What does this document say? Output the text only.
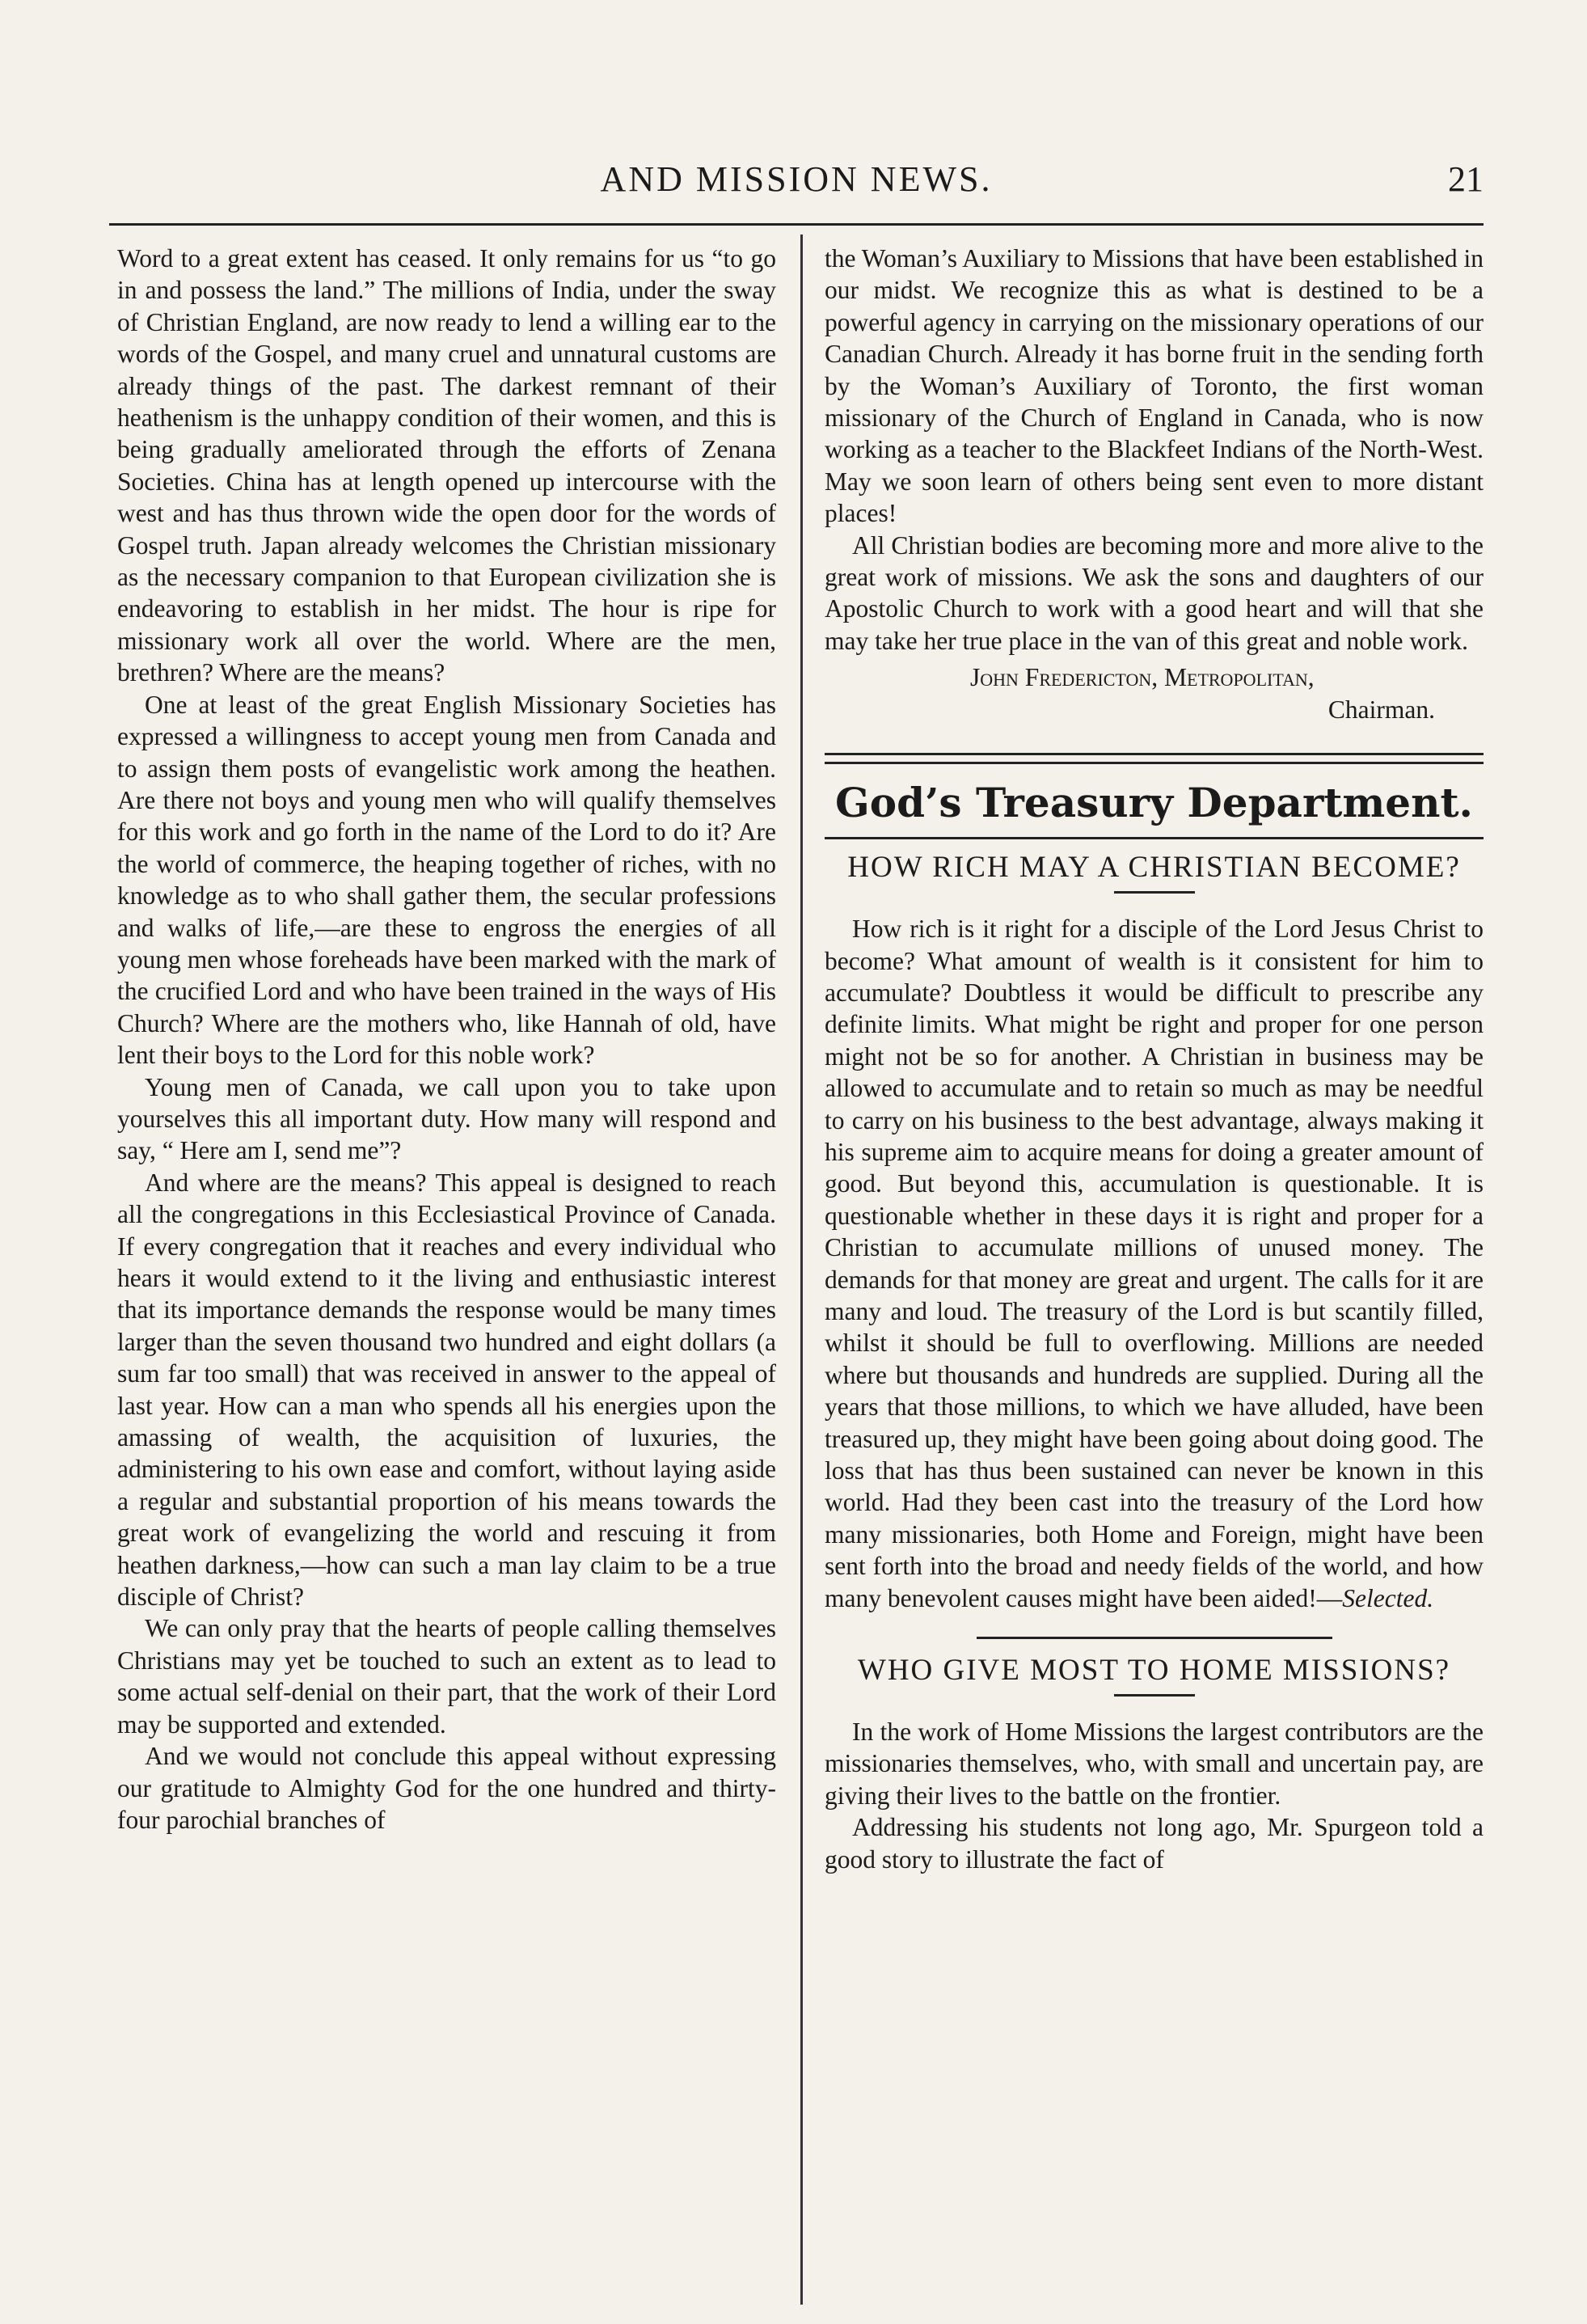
AND MISSION NEWS.	21

Word to a great extent has ceased. It only remains for us “to go in and possess the land.” The millions of India, under the sway of Christian England, are now ready to lend a willing ear to the words of the Gospel, and many cruel and unnatural customs are already things of the past. The darkest remnant of their heathenism is the unhappy condition of their women, and this is being gradually ameliorated through the efforts of Zenana Societies. China has at length opened up intercourse with the west and has thus thrown wide the open door for the words of Gospel truth. Japan already welcomes the Christian missionary as the necessary companion to that European civilization she is endeavoring to establish in her midst. The hour is ripe for missionary work all over the world. Where are the men, brethren? Where are the means?

One at least of the great English Missionary Societies has expressed a willingness to accept young men from Canada and to assign them posts of evangelistic work among the heathen. Are there not boys and young men who will qualify themselves for this work and go forth in the name of the Lord to do it? Are the world of commerce, the heaping together of riches, with no knowledge as to who shall gather them, the secular professions and walks of life,—are these to engross the energies of all young men whose foreheads have been marked with the mark of the crucified Lord and who have been trained in the ways of His Church? Where are the mothers who, like Hannah of old, have lent their boys to the Lord for this noble work?

Young men of Canada, we call upon you to take upon yourselves this all important duty. How many will respond and say, “ Here am I, send me”?

And where are the means? This appeal is designed to reach all the congregations in this Ecclesiastical Province of Canada. If every congregation that it reaches and every individual who hears it would extend to it the living and enthusiastic interest that its importance demands the response would be many times larger than the seven thousand two hundred and eight dollars (a sum far too small) that was received in answer to the appeal of last year. How can a man who spends all his energies upon the amassing of wealth, the acquisition of luxuries, the administering to his own ease and comfort, without laying aside a regular and substantial proportion of his means towards the great work of evangelizing the world and rescuing it from heathen darkness,—how can such a man lay claim to be a true disciple of Christ?

We can only pray that the hearts of people calling themselves Christians may yet be touched to such an extent as to lead to some actual self-denial on their part, that the work of their Lord may be supported and extended.

And we would not conclude this appeal without expressing our gratitude to Almighty God for the one hundred and thirty-four parochial branches of

the Woman’s Auxiliary to Missions that have been established in our midst. We recognize this as what is destined to be a powerful agency in carrying on the missionary operations of our Canadian Church. Already it has borne fruit in the sending forth by the Woman’s Auxiliary of Toronto, the first woman missionary of the Church of England in Canada, who is now working as a teacher to the Blackfeet Indians of the North-West. May we soon learn of others being sent even to more distant places!

All Christian bodies are becoming more and more alive to the great work of missions. We ask the sons and daughters of our Apostolic Church to work with a good heart and will that she may take her true place in the van of this great and noble work.

John Fredericton, Metropolitan,
Chairman.
God’s Treasury Department.
HOW RICH MAY A CHRISTIAN BECOME?

How rich is it right for a disciple of the Lord Jesus Christ to become? What amount of wealth is it consistent for him to accumulate? Doubtless it would be difficult to prescribe any definite limits. What might be right and proper for one person might not be so for another. A Christian in business may be allowed to accumulate and to retain so much as may be needful to carry on his business to the best advantage, always making it his supreme aim to acquire means for doing a greater amount of good. But beyond this, accumulation is questionable. It is questionable whether in these days it is right and proper for a Christian to accumulate millions of unused money. The demands for that money are great and urgent. The calls for it are many and loud. The treasury of the Lord is but scantily filled, whilst it should be full to overflowing. Millions are needed where but thousands and hundreds are supplied. During all the years that those millions, to which we have alluded, have been treasured up, they might have been going about doing good. The loss that has thus been sustained can never be known in this world. Had they been cast into the treasury of the Lord how many missionaries, both Home and Foreign, might have been sent forth into the broad and needy fields of the world, and how many benevolent causes might have been aided!—Selected.

WHO GIVE MOST TO HOME MISSIONS?

In the work of Home Missions the largest contributors are the missionaries themselves, who, with small and uncertain pay, are giving their lives to the battle on the frontier.

Addressing his students not long ago, Mr. Spurgeon told a good story to illustrate the fact of
